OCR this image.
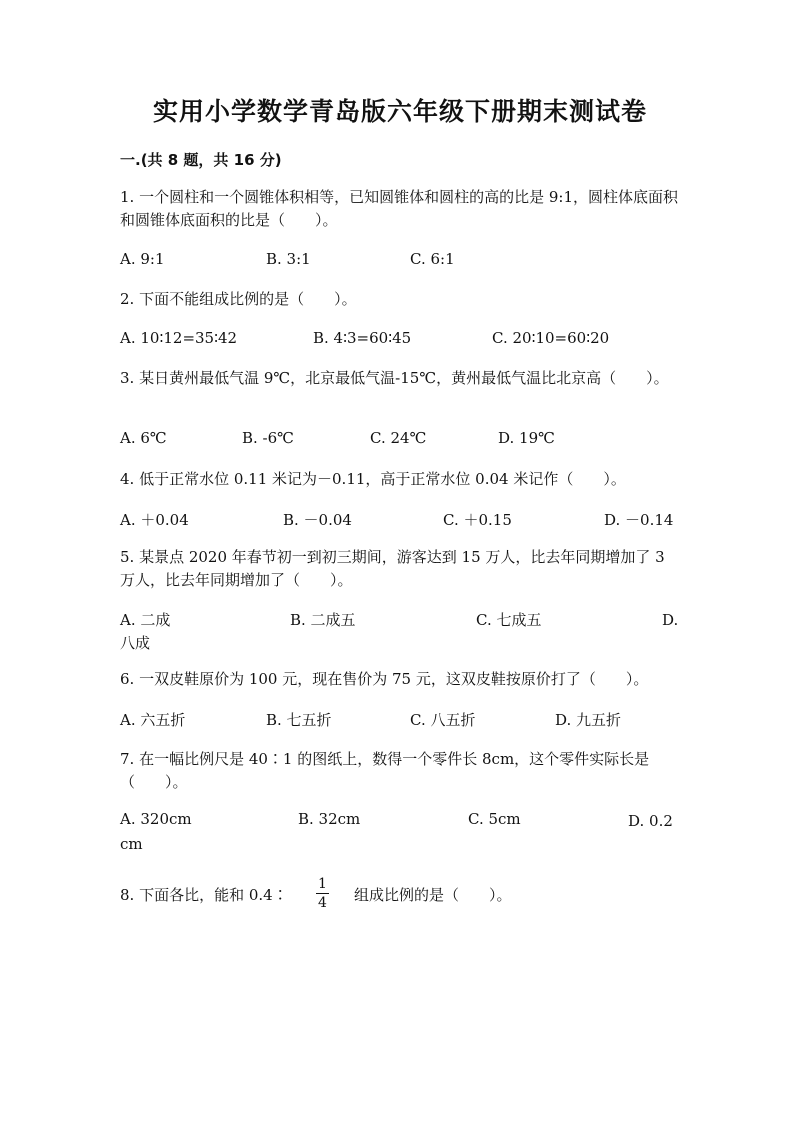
实用小学数学青岛版六年级下册期末测试卷
一.(共 8 题，共 16 分)
1. 一个圆柱和一个圆锥体积相等，已知圆锥体和圆柱的高的比是 9:1，圆柱体底面积和圆锥体底面积的比是（　　）。
A. 9:1	B. 3:1	C. 6:1
2. 下面不能组成比例的是（　　）。
A. 10∶12=35∶42	B. 4∶3=60∶45	C. 20∶10=60∶20
3. 某日黄州最低气温 9℃，北京最低气温-15℃，黄州最低气温比北京高（　　）。
A. 6℃	B. -6℃	C. 24℃	D. 19℃
4. 低于正常水位 0.11 米记为－0.11，高于正常水位 0.04 米记作（　　）。
A. ＋0.04	B. －0.04	C. ＋0.15	D. －0.14
5. 某景点 2020 年春节初一到初三期间，游客达到 15 万人，比去年同期增加了 3 万人，比去年同期增加了（　　）。
A. 二成	B. 二成五	C. 七成五	D. 八成
6. 一双皮鞋原价为 100 元，现在售价为 75 元，这双皮鞋按原价打了（　　）。
A. 六五折	B. 七五折	C. 八五折	D. 九五折
7. 在一幅比例尺是 40∶1 的图纸上，数得一个零件长 8cm，这个零件实际长是（　　）。
A. 320cm	B. 32cm	C. 5cm	D. 0.2cm
8. 下面各比，能和 0.4∶
1
4 组成比例的是（　　）。
